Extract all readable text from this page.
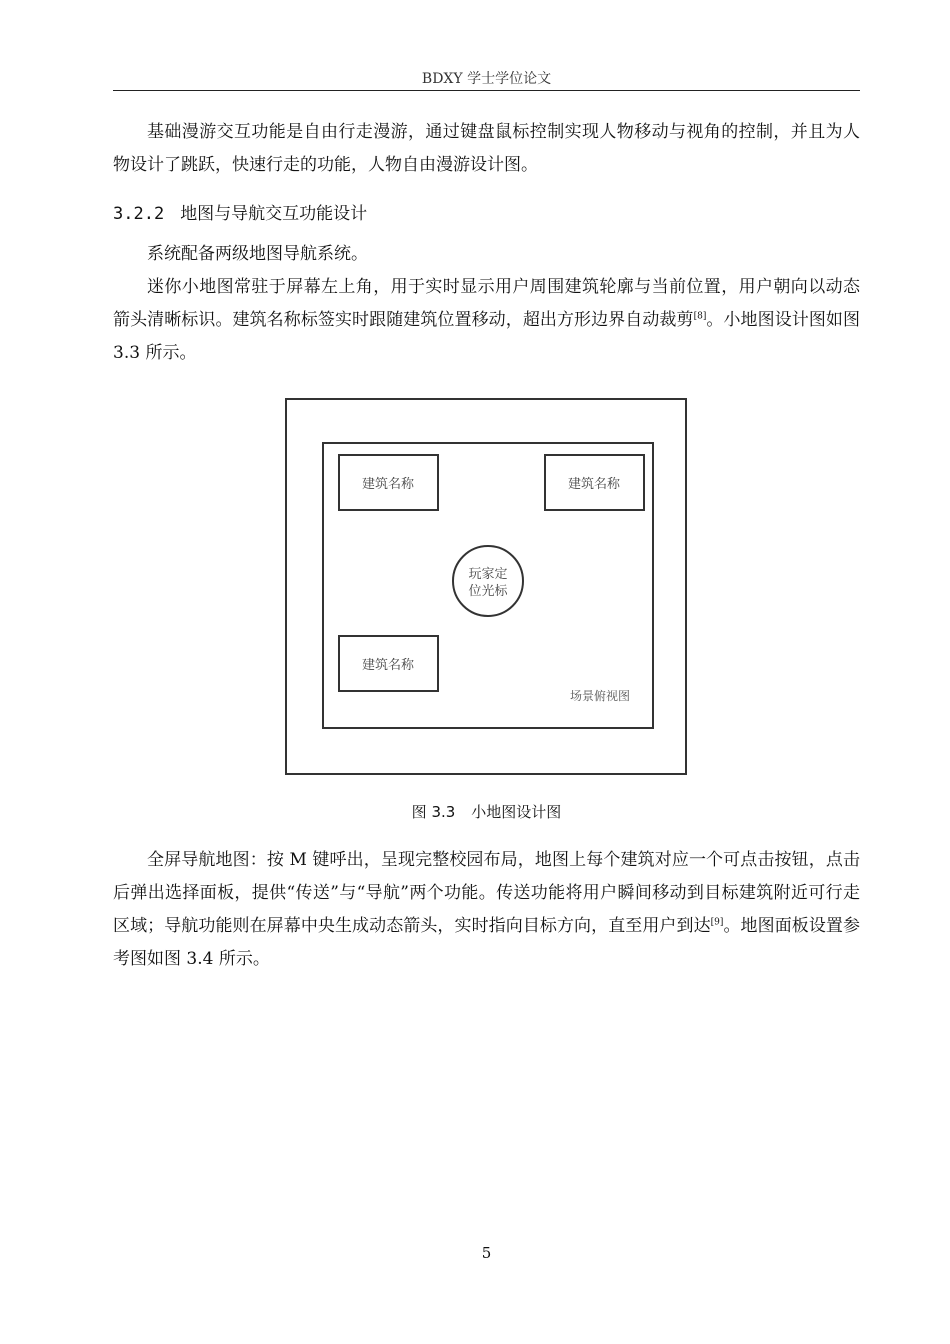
BDXY 学士学位论文

基础漫游交互功能是自由行走漫游，通过键盘鼠标控制实现人物移动与视角的控制，并且为人物设计了跳跃，快速行走的功能，人物自由漫游设计图。

3.2.2 地图与导航交互功能设计

系统配备两级地图导航系统。

迷你小地图常驻于屏幕左上角，用于实时显示用户周围建筑轮廓与当前位置，用户朝向以动态箭头清晰标识。建筑名称标签实时跟随建筑位置移动，超出方形边界自动裁剪[8]。小地图设计图如图 3.3 所示。

建筑名称	建筑名称
建筑名称
玩家定
位光标
场景俯视图
图 3.3 小地图设计图

全屏导航地图：按 M 键呼出，呈现完整校园布局，地图上每个建筑对应一个可点击按钮，点击后弹出选择面板，提供“传送”与“导航”两个功能。传送功能将用户瞬间移动到目标建筑附近可行走区域；导航功能则在屏幕中央生成动态箭头，实时指向目标方向，直至用户到达[9]。地图面板设置参考图如图 3.4 所示。

5
